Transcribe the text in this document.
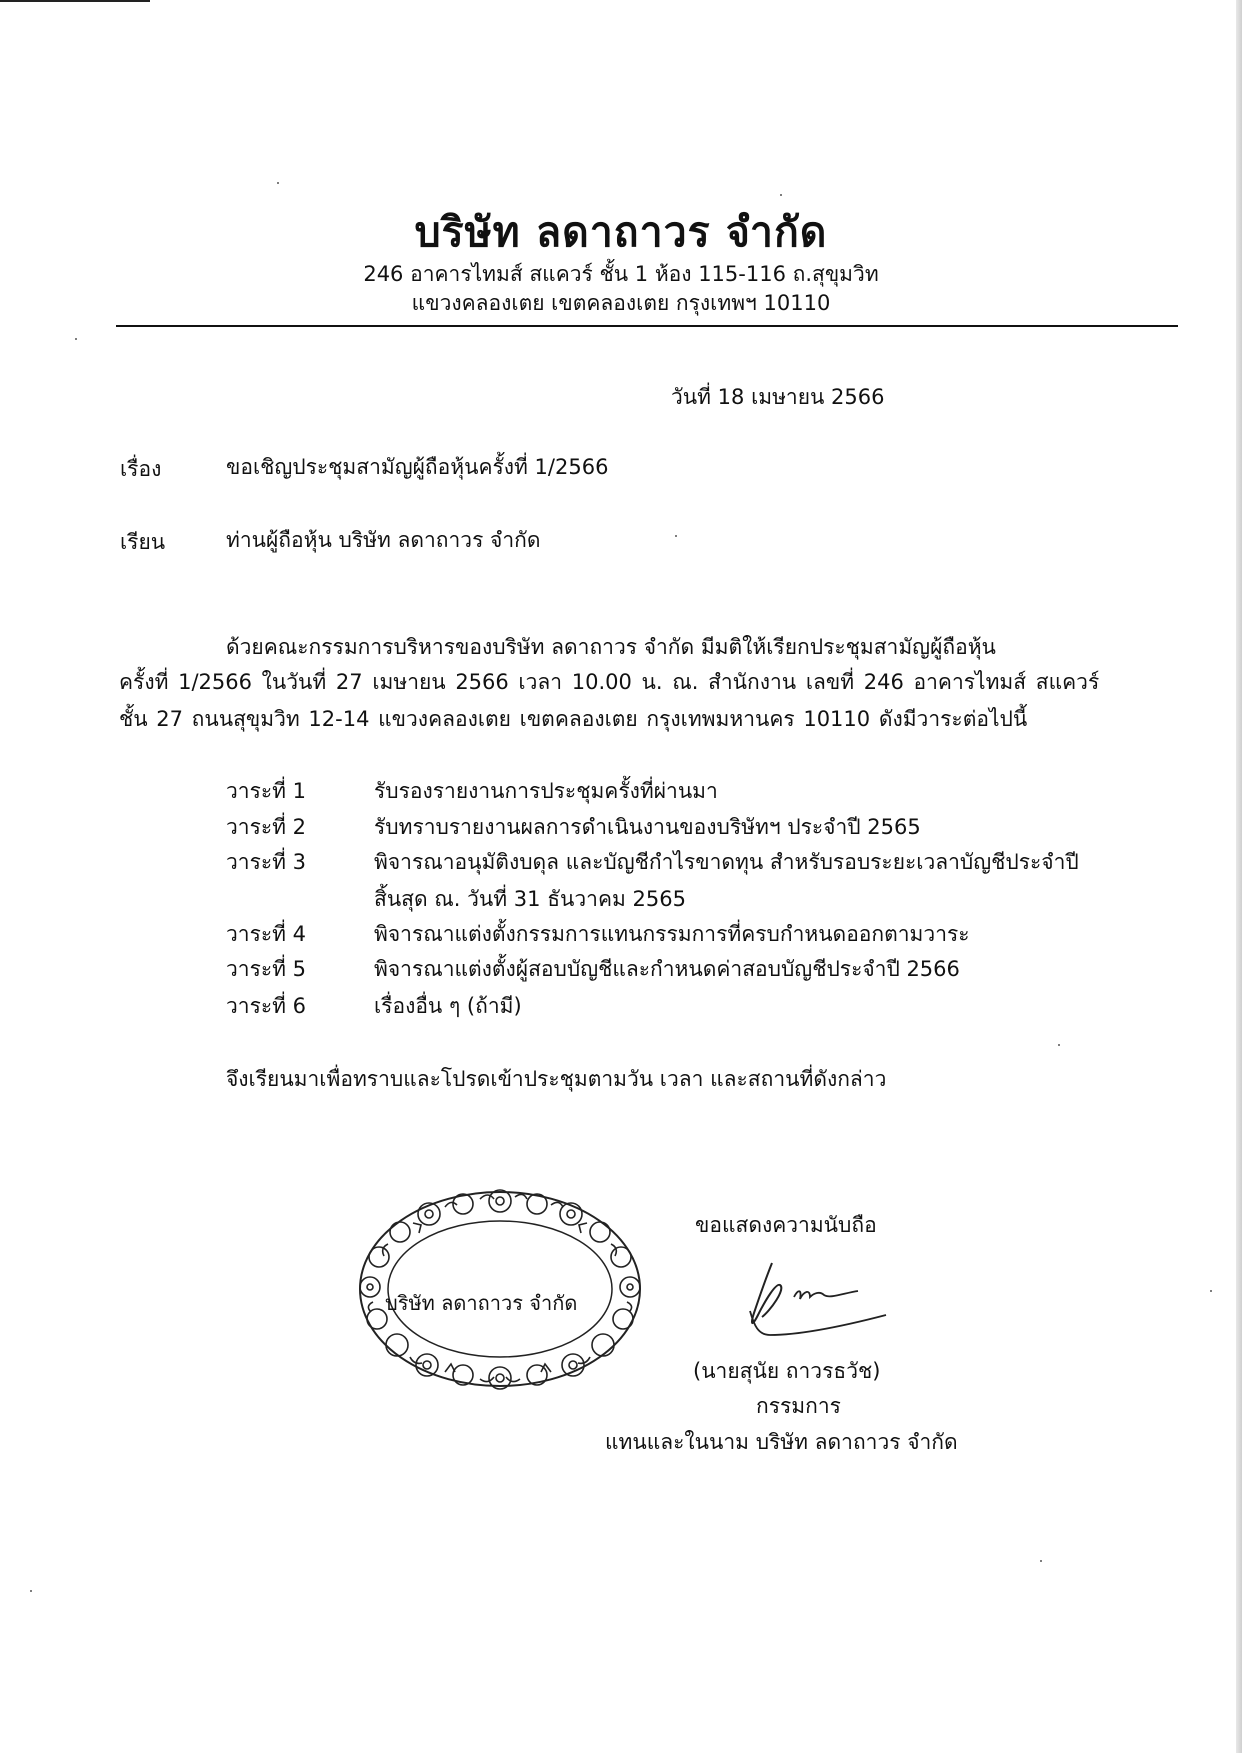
บริษัท ลดาถาวร จำกัด
246 อาคารไทมส์ สแควร์ ชั้น 1 ห้อง 115-116 ถ.สุขุมวิท
แขวงคลองเตย เขตคลองเตย กรุงเทพฯ 10110
วันที่ 18 เมษายน 2566
เรื่อง	ขอเชิญประชุมสามัญผู้ถือหุ้นครั้งที่ 1/2566
เรียน	ท่านผู้ถือหุ้น บริษัท ลดาถาวร จำกัด
ด้วยคณะกรรมการบริหารของบริษัท ลดาถาวร จำกัด มีมติให้เรียกประชุมสามัญผู้ถือหุ้น
ครั้งที่ 1/2566 ในวันที่ 27 เมษายน 2566 เวลา 10.00 น. ณ. สำนักงาน เลขที่ 246 อาคารไทมส์ สแควร์
ชั้น 27 ถนนสุขุมวิท 12-14 แขวงคลองเตย เขตคลองเตย กรุงเทพมหานคร 10110 ดังมีวาระต่อไปนี้
วาระที่ 1	รับรองรายงานการประชุมครั้งที่ผ่านมา
วาระที่ 2	รับทราบรายงานผลการดำเนินงานของบริษัทฯ ประจำปี 2565
วาระที่ 3	พิจารณาอนุมัติงบดุล และบัญชีกำไรขาดทุน สำหรับรอบระยะเวลาบัญชีประจำปี
สิ้นสุด ณ. วันที่ 31 ธันวาคม 2565
วาระที่ 4	พิจารณาแต่งตั้งกรรมการแทนกรรมการที่ครบกำหนดออกตามวาระ
วาระที่ 5	พิจารณาแต่งตั้งผู้สอบบัญชีและกำหนดค่าสอบบัญชีประจำปี 2566
วาระที่ 6	เรื่องอื่น ๆ (ถ้ามี)
จึงเรียนมาเพื่อทราบและโปรดเข้าประชุมตามวัน เวลา และสถานที่ดังกล่าว
บริษัท ลดาถาวร จำกัด
ขอแสดงความนับถือ
(นายสุนัย ถาวรธวัช)
กรรมการ
แทนและในนาม บริษัท ลดาถาวร จำกัด
